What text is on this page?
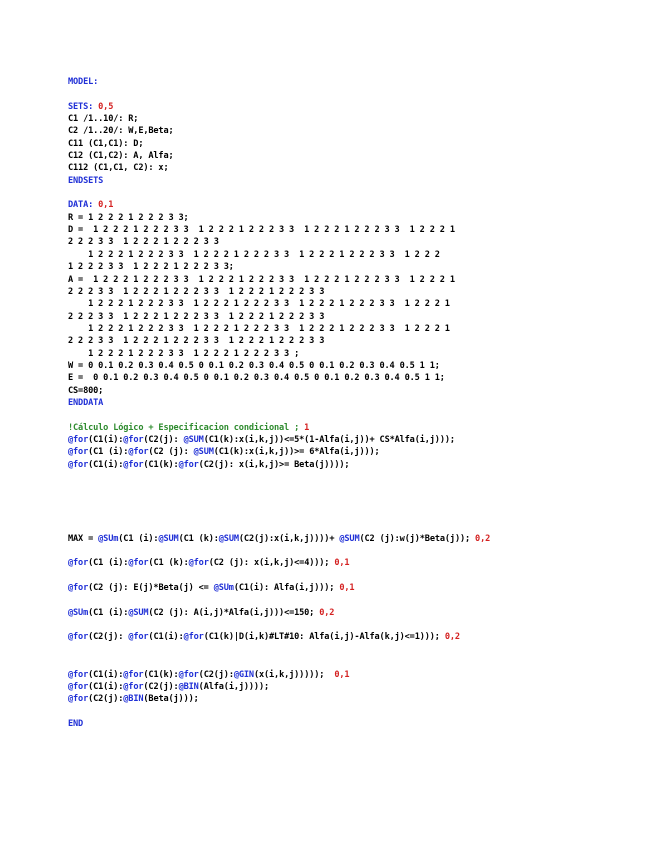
MODEL:
SETS: 0,5
C1 /1..10/: R;
C2 /1..20/: W,E,Beta;
C11 (C1,C1): D;
C12 (C1,C2): A, Alfa;
C112 (C1,C1, C2): x;
ENDSETS
DATA: 0,1
R = 1 2 2 2 1 2 2 2 3 3;
D =  1 2 2 2 1 2 2 2 3 3  1 2 2 2 1 2 2 2 3 3  1 2 2 2 1 2 2 2 3 3  1 2 2 2 1
2 2 2 3 3  1 2 2 2 1 2 2 2 3 3
1 2 2 2 1 2 2 2 3 3  1 2 2 2 1 2 2 2 3 3  1 2 2 2 1 2 2 2 3 3  1 2 2 2
1 2 2 2 3 3  1 2 2 2 1 2 2 2 3 3;
A =  1 2 2 2 1 2 2 2 3 3  1 2 2 2 1 2 2 2 3 3  1 2 2 2 1 2 2 2 3 3  1 2 2 2 1
2 2 2 3 3  1 2 2 2 1 2 2 2 3 3  1 2 2 2 1 2 2 2 3 3
1 2 2 2 1 2 2 2 3 3  1 2 2 2 1 2 2 2 3 3  1 2 2 2 1 2 2 2 3 3  1 2 2 2 1
2 2 2 3 3  1 2 2 2 1 2 2 2 3 3  1 2 2 2 1 2 2 2 3 3
1 2 2 2 1 2 2 2 3 3  1 2 2 2 1 2 2 2 3 3  1 2 2 2 1 2 2 2 3 3  1 2 2 2 1
2 2 2 3 3  1 2 2 2 1 2 2 2 3 3  1 2 2 2 1 2 2 2 3 3
1 2 2 2 1 2 2 2 3 3  1 2 2 2 1 2 2 2 3 3 ;
W = 0 0.1 0.2 0.3 0.4 0.5 0 0.1 0.2 0.3 0.4 0.5 0 0.1 0.2 0.3 0.4 0.5 1 1;
E =  0 0.1 0.2 0.3 0.4 0.5 0 0.1 0.2 0.3 0.4 0.5 0 0.1 0.2 0.3 0.4 0.5 1 1;
CS=800;
ENDDATA
!Cálculo Lógico + Especificacion condicional ; 1
@for(C1(i):@for(C2(j): @SUM(C1(k):x(i,k,j))<=5*(1-Alfa(i,j))+ CS*Alfa(i,j)));
@for(C1 (i):@for(C2 (j): @SUM(C1(k):x(i,k,j))>= 6*Alfa(i,j)));
@for(C1(i):@for(C1(k):@for(C2(j): x(i,k,j)>= Beta(j))));
MAX = @SUm(C1 (i):@SUM(C1 (k):@SUM(C2(j):x(i,k,j))))+ @SUM(C2 (j):w(j)*Beta(j)); 0,2
@for(C1 (i):@for(C1 (k):@for(C2 (j): x(i,k,j)<=4))); 0,1
@for(C2 (j): E(j)*Beta(j) <= @SUm(C1(i): Alfa(i,j))); 0,1
@SUm(C1 (i):@SUM(C2 (j): A(i,j)*Alfa(i,j)))<=150; 0,2
@for(C2(j): @for(C1(i):@for(C1(k)|D(i,k)#LT#10: Alfa(i,j)-Alfa(k,j)<=1))); 0,2
@for(C1(i):@for(C1(k):@for(C2(j):@GIN(x(i,k,j)))));  0,1
@for(C1(i):@for(C2(j):@BIN(Alfa(i,j))));
@for(C2(j):@BIN(Beta(j)));
END
